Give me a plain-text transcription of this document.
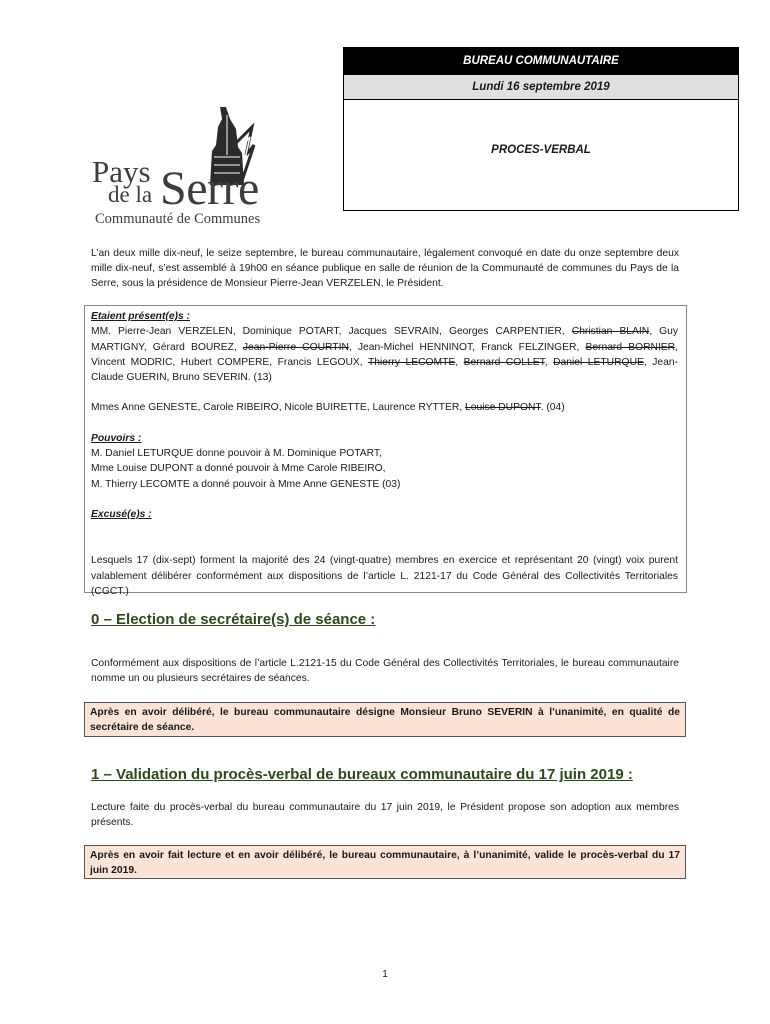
BUREAU COMMUNAUTAIRE
Lundi 16 septembre 2019
PROCES-VERBAL
Pays
de la Serre
Communauté de Communes
L’an deux mille dix-neuf, le seize septembre, le bureau communautaire, légalement convoqué en date du onze septembre deux mille dix-neuf, s’est assemblé à 19h00 en séance publique en salle de réunion de la Communauté de communes du Pays de la Serre, sous la présidence de Monsieur Pierre-Jean VERZELEN, le Président.

Etaient présent(e)s :

MM. Pierre-Jean VERZELEN, Dominique POTART, Jacques SEVRAIN, Georges CARPENTIER, Christian BLAIN, Guy MARTIGNY, Gérard BOUREZ, Jean-Pierre COURTIN, Jean-Michel HENNINOT, Franck FELZINGER, Bernard BORNIER, Vincent MODRIC, Hubert COMPERE, Francis LEGOUX, Thierry LECOMTE, Bernard COLLET, Daniel LETURQUE, Jean-Claude GUERIN, Bruno SEVERIN. (13)

Mmes Anne GENESTE, Carole RIBEIRO, Nicole BUIRETTE, Laurence RYTTER, Louise DUPONT. (04)

Pouvoirs :

M. Daniel LETURQUE donne pouvoir à M. Dominique POTART,

Mme Louise DUPONT a donné pouvoir à Mme Carole RIBEIRO,

M. Thierry LECOMTE a donné pouvoir à Mme Anne GENESTE (03)

Excusé(e)s :

Lesquels 17 (dix-sept) forment la majorité des 24 (vingt-quatre) membres en exercice et représentant 20 (vingt) voix purent valablement délibérer conformément aux dispositions de l’article L. 2121-17 du Code Général des Collectivités Territoriales (CGCT.)

0 – Election de secrétaire(s) de séance :
Conformément aux dispositions de l’article L.2121-15 du Code Général des Collectivités Territoriales, le bureau communautaire nomme un ou plusieurs secrétaires de séances.
Après en avoir délibéré, le bureau communautaire désigne Monsieur Bruno SEVERIN à l’unanimité, en qualité de secrétaire de séance.
1 – Validation du procès-verbal de bureaux communautaire du 17 juin 2019 :
Lecture faite du procès-verbal du bureau communautaire du 17 juin 2019, le Président propose son adoption aux membres présents.
Après en avoir fait lecture et en avoir délibéré, le bureau communautaire, à l’unanimité, valide le procès-verbal du 17 juin 2019.
1
